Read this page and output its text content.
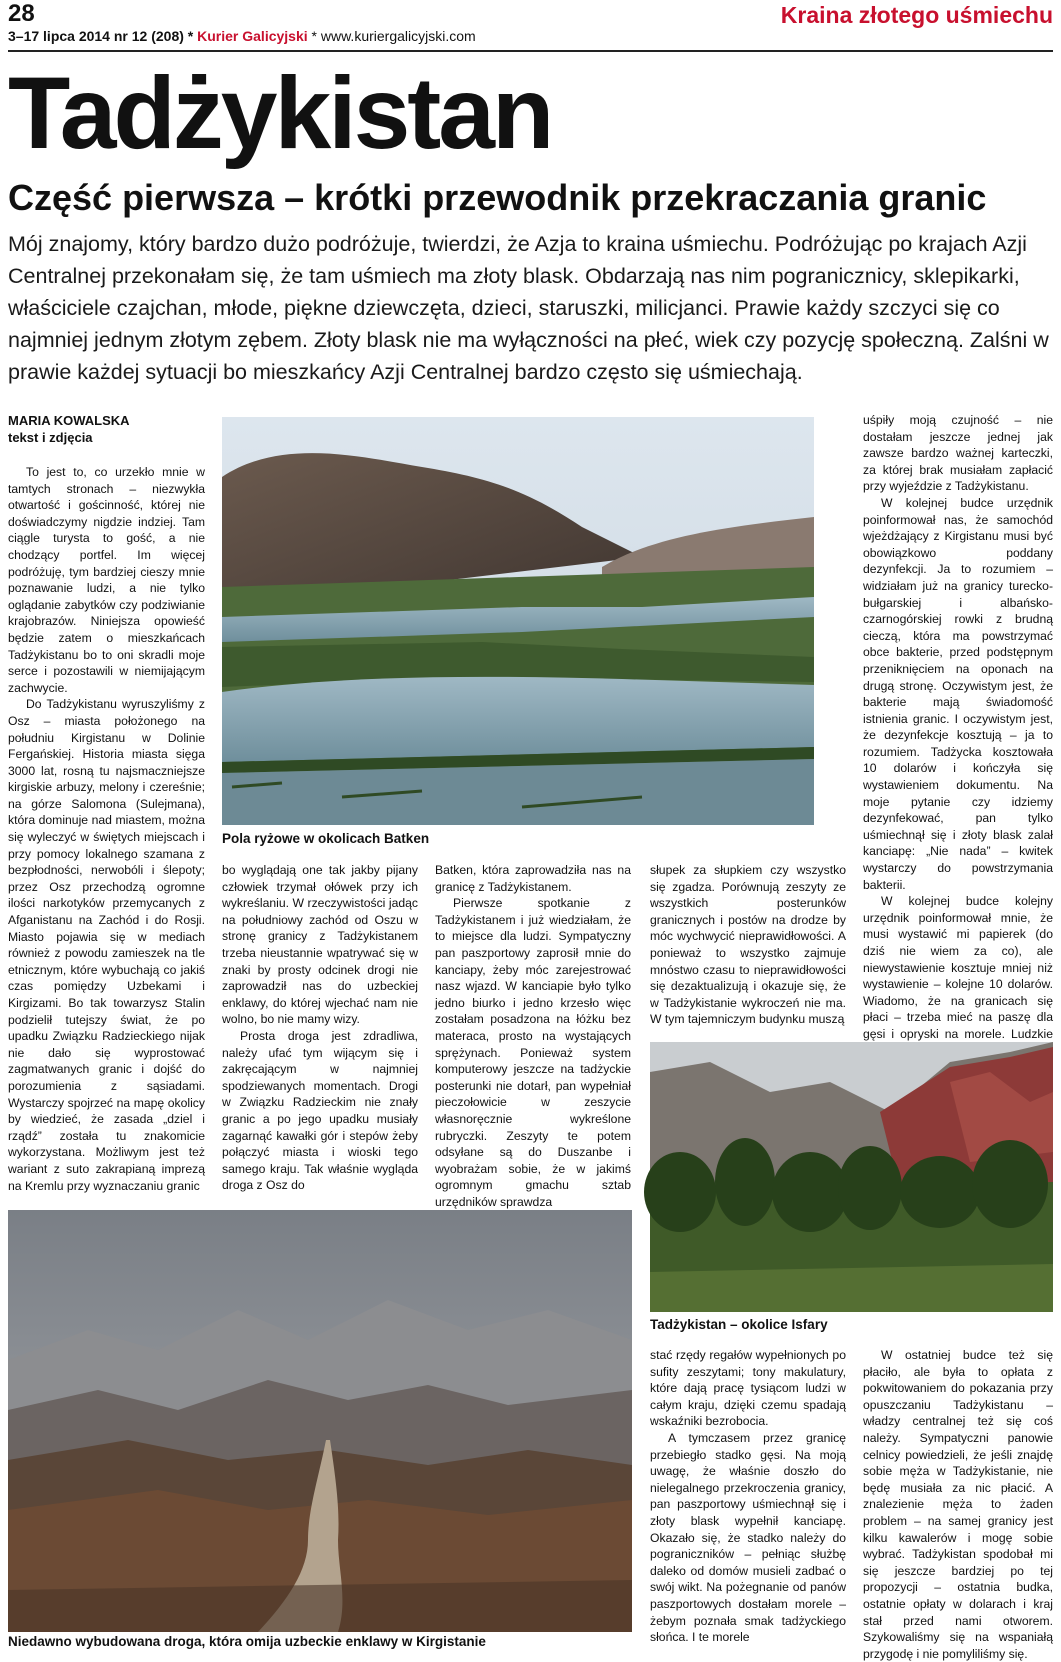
28
3–17 lipca 2014 nr 12 (208) * Kurier Galicyjski * www.kuriergalicyjski.com
Kraina złotego uśmiechu
Tadżykistan
Część pierwsza – krótki przewodnik przekraczania granic
Mój znajomy, który bardzo dużo podróżuje, twierdzi, że Azja to kraina uśmiechu. Podróżując po krajach Azji Centralnej przekonałam się, że tam uśmiech ma złoty blask. Obdarzają nas nim pogranicznicy, sklepikarki, właściciele czajchan, młode, piękne dziewczęta, dzieci, staruszki, milicjanci. Prawie każdy szczyci się co najmniej jednym złotym zębem. Złoty blask nie ma wyłączności na płeć, wiek czy pozycję społeczną. Zalśni w prawie każdej sytuacji bo mieszkańcy Azji Centralnej bardzo często się uśmiechają.
MARIA KOWALSKA
tekst i zdjęcia

To jest to, co urzekło mnie w tamtych stronach – niezwykła otwartość i gościnność, której nie doświadczymy nigdzie indziej. Tam ciągle turysta to gość, a nie chodzący portfel. Im więcej podróżuję, tym bardziej cieszy mnie poznawanie ludzi, a nie tylko oglądanie zabytków czy podziwianie krajobrazów. Niniejsza opowieść będzie zatem o mieszkańcach Tadżykistanu bo to oni skradli moje serce i pozostawili w niemijającym zachwycie.

Do Tadżykistanu wyruszyliśmy z Osz – miasta położonego na południu Kirgistanu w Dolinie Fergańskiej. Historia miasta sięga 3000 lat, rosną tu najsmaczniejsze kirgiskie arbuzy, melony i czereśnie; na górze Salomona (Sulejmana), która dominuje nad miastem, można się wyleczyć w świętych miejscach i przy pomocy lokalnego szamana z bezpłodności, nerwobóli i ślepoty; przez Osz przechodzą ogromne ilości narkotyków przemycanych z Afganistanu na Zachód i do Rosji. Miasto pojawia się w mediach również z powodu zamieszek na tle etnicznym, które wybuchają co jakiś czas pomiędzy Uzbekami i Kirgizami. Bo tak towarzysz Stalin podzielił tutejszy świat, że po upadku Związku Radzieckiego nijak nie dało się wyprostować zagmatwanych granic i dojść do porozumienia z sąsiadami. Wystarczy spojrzeć na mapę okolicy by wiedzieć, że zasada „dziel i rządź” została tu znakomicie wykorzystana. Możliwym jest też wariant z suto zakrapianą imprezą na Kremlu przy wyznaczaniu granic

Pola ryżowe w okolicach Batken

bo wyglądają one tak jakby pijany człowiek trzymał ołówek przy ich wykreślaniu. W rzeczywistości jadąc na południowy zachód od Oszu w stronę granicy z Tadżykistanem trzeba nieustannie wpatrywać się w znaki by prosty odcinek drogi nie zaprowadził nas do uzbeckiej enklawy, do której wjechać nam nie wolno, bo nie mamy wizy.

Prosta droga jest zdradliwa, należy ufać tym wijącym się i zakręcającym w najmniej spodziewanych momentach. Drogi w Związku Radzieckim nie znały granic a po jego upadku musiały zagarnąć kawałki gór i stepów żeby połączyć miasta i wioski tego samego kraju. Tak właśnie wygląda droga z Osz do

Batken, która zaprowadziła nas na granicę z Tadżykistanem.

Pierwsze spotkanie z Tadżykistanem i już wiedziałam, że to miejsce dla ludzi. Sympatyczny pan paszportowy zaprosił mnie do kanciapy, żeby móc zarejestrować nasz wjazd. W kanciapie było tylko jedno biurko i jedno krzesło więc zostałam posadzona na łóżku bez materaca, prosto na wystających sprężynach. Ponieważ system komputerowy jeszcze na tadżyckie posterunki nie dotarł, pan wypełniał pieczołowicie w zeszycie własnoręcznie wykreślone rubryczki. Zeszyty te potem odsyłane są do Duszanbe i wyobrażam sobie, że w jakimś ogromnym gmachu sztab urzędników sprawdza

słupek za słupkiem czy wszystko się zgadza. Porównują zeszyty ze wszystkich posterunków granicznych i postów na drodze by móc wychwycić nieprawidłowości. A ponieważ to wszystko zajmuje mnóstwo czasu to nieprawidłowości się dezaktualizują i okazuje się, że w Tadżykistanie wykroczeń nie ma. W tym tajemniczym budynku muszą

uśpiły moją czujność – nie dostałam jeszcze jednej jak zawsze bardzo ważnej karteczki, za której brak musiałam zapłacić przy wyjeździe z Tadżykistanu.

W kolejnej budce urzędnik poinformował nas, że samochód wjeżdżający z Kirgistanu musi być obowiązkowo poddany dezynfekcji. Ja to rozumiem – widziałam już na granicy turecko-bułgarskiej i albańsko-czarnogórskiej rowki z brudną cieczą, która ma powstrzymać obce bakterie, przed podstępnym przeniknięciem na oponach na drugą stronę. Oczywistym jest, że bakterie mają świadomość istnienia granic. I oczywistym jest, że dezynfekcje kosztują – ja to rozumiem. Tadżycka kosztowała 10 dolarów i kończyła się wystawieniem dokumentu. Na moje pytanie czy idziemy dezynfekować, pan tylko uśmiechnął się i złoty blask zalał kanciapę: „Nie nada” – kwitek wystarczy do powstrzymania bakterii.

W kolejnej budce kolejny urzędnik poinformował mnie, że musi wystawić mi papierek (do dziś nie wiem za co), ale niewystawienie kosztuje mniej niż wystawienie – kolejne 10 dolarów. Wiadomo, że na granicach się płaci – trzeba mieć na paszę dla gęsi i opryski na morele. Ludzkie

Tadżykistan – okolice Isfary

stać rzędy regałów wypełnionych po sufity zeszytami; tony makulatury, które dają pracę tysiącom ludzi w całym kraju, dzięki czemu spadają wskaźniki bezrobocia.

A tymczasem przez granicę przebiegło stadko gęsi. Na moją uwagę, że właśnie doszło do nielegalnego przekroczenia granicy, pan paszportowy uśmiechnął się i złoty blask wypełnił kanciapę. Okazało się, że stadko należy do pograniczników – pełniąc służbę daleko od domów musieli zadbać o swój wikt. Na pożegnanie od panów paszportowych dostałam morele – żebym poznała smak tadżyckiego słońca. I te morele

W ostatniej budce też się płaciło, ale była to opłata z pokwitowaniem do pokazania przy opuszczaniu Tadżykistanu – władzy centralnej też się coś należy. Sympatyczni panowie celnicy powiedzieli, że jeśli znajdę sobie męża w Tadżykistanie, nie będę musiała za nic płacić. A znalezienie męża to żaden problem – na samej granicy jest kilku kawalerów i mogę sobie wybrać. Tadżykistan spodobał mi się jeszcze bardziej po tej propozycji – ostatnia budka, ostatnie opłaty w dolarach i kraj stał przed nami otworem. Szykowaliśmy się na wspaniałą przygodę i nie pomyliliśmy się.

Niedawno wybudowana droga, która omija uzbeckie enklawy w Kirgistanie
